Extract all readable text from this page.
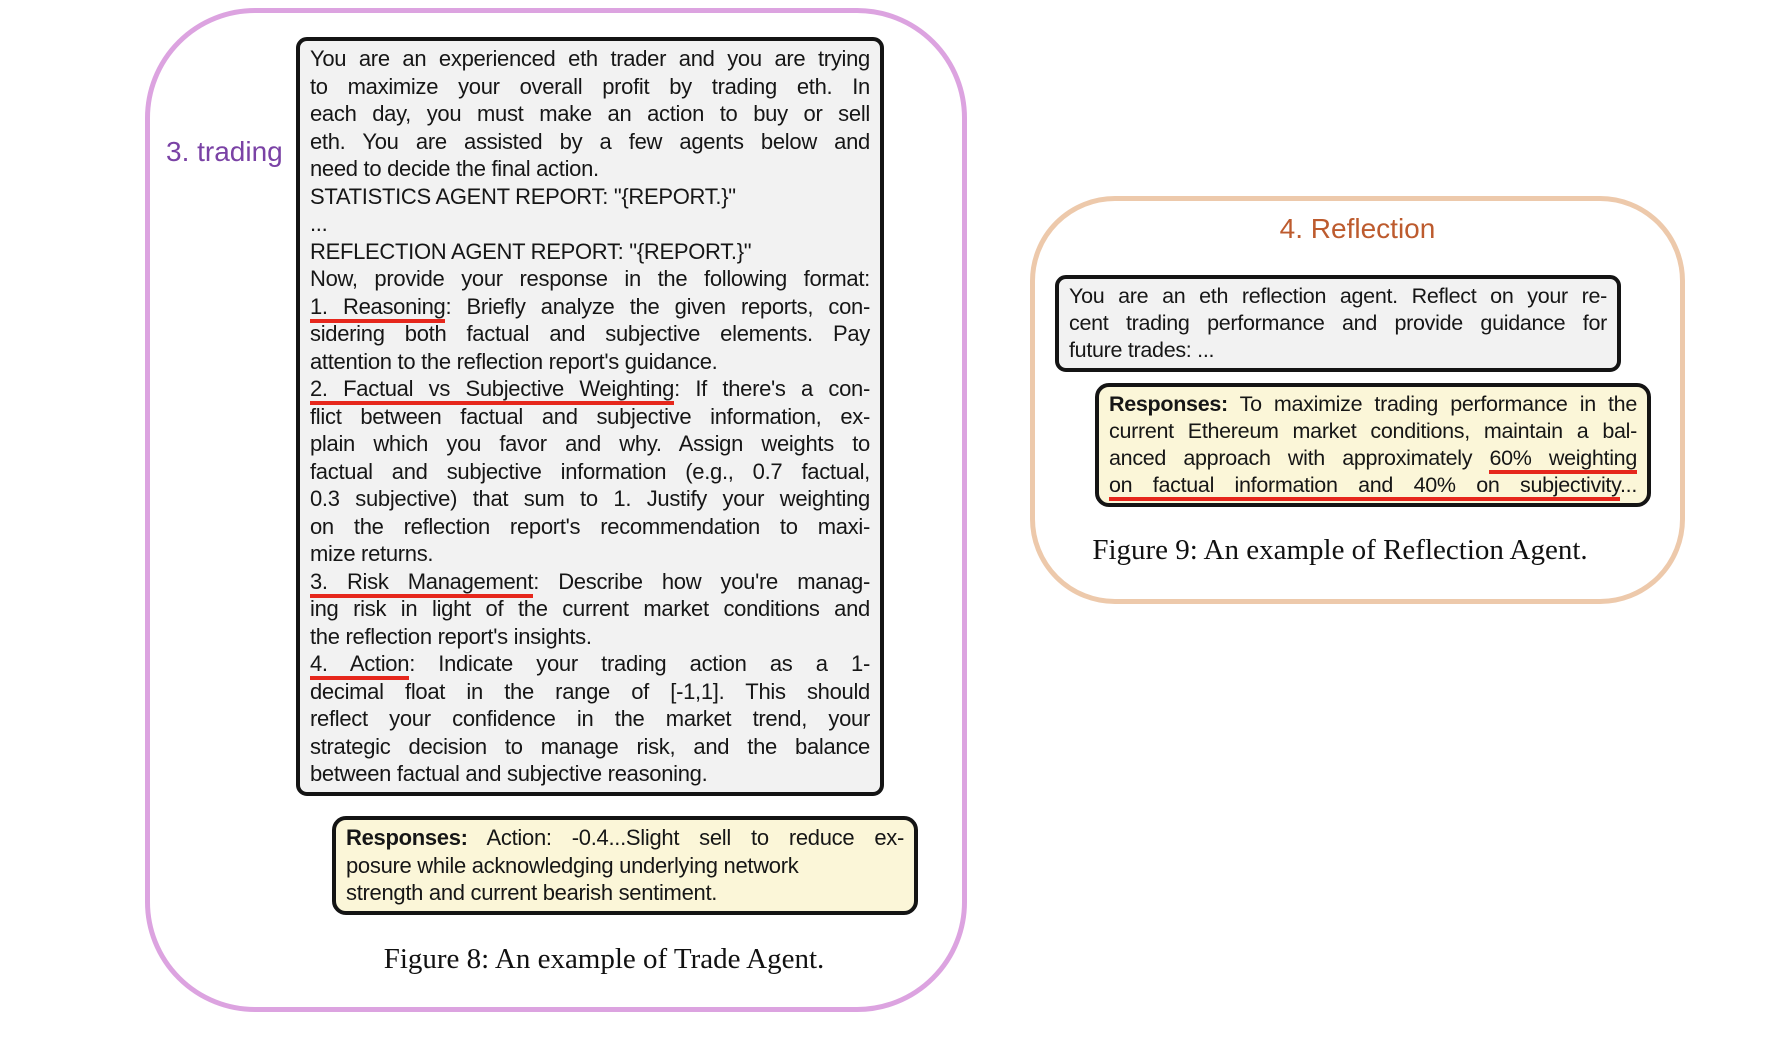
3. trading
You are an experienced eth trader and you are trying
to maximize your overall profit by trading eth. In
each day, you must make an action to buy or sell
eth. You are assisted by a few agents below and
need to decide the final action.
STATISTICS AGENT REPORT: "{REPORT.}"
...
REFLECTION AGENT REPORT: "{REPORT.}"
Now, provide your response in the following format:
1. Reasoning: Briefly analyze the given reports, con-
sidering both factual and subjective elements. Pay
attention to the reflection report's guidance.
2. Factual vs Subjective Weighting: If there's a con-
flict between factual and subjective information, ex-
plain which you favor and why. Assign weights to
factual and subjective information (e.g., 0.7 factual,
0.3 subjective) that sum to 1. Justify your weighting
on the reflection report's recommendation to maxi-
mize returns.
3. Risk Management: Describe how you're manag-
ing risk in light of the current market conditions and
the reflection report's insights.
4. Action: Indicate your trading action as a 1-
decimal float in the range of [-1,1]. This should
reflect your confidence in the market trend, your
strategic decision to manage risk, and the balance
between factual and subjective reasoning.
Responses: Action: -0.4...Slight sell to reduce ex-
posure while acknowledging underlying network
strength and current bearish sentiment.
Figure 8: An example of Trade Agent.
4. Reflection
You are an eth reflection agent. Reflect on your re-
cent trading performance and provide guidance for
future trades: ...
Responses: To maximize trading performance in the
current Ethereum market conditions, maintain a bal-
anced approach with approximately 60% weighting
on factual information and 40% on subjectivity...
Figure 9: An example of Reflection Agent.
